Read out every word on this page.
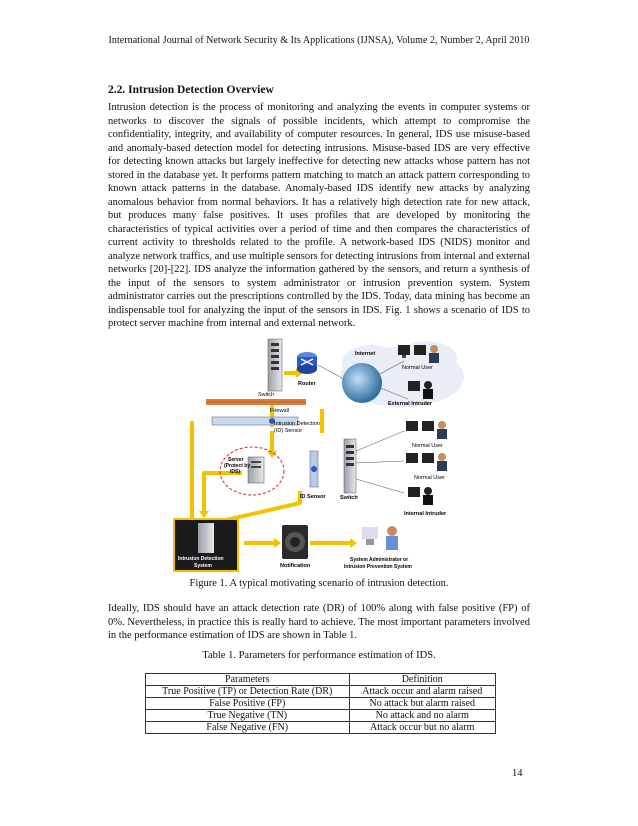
International Journal of Network Security & Its Applications (IJNSA), Volume 2, Number 2, April 2010
2.2. Intrusion Detection Overview
Intrusion detection is the process of monitoring and analyzing the events in computer systems or networks to discover the signals of possible incidents, which attempt to compromise the confidentiality, integrity, and availability of computer resources. In general, IDS use misuse-based and anomaly-based detection model for detecting intrusions. Misuse-based IDS are very effective for detecting known attacks but largely ineffective for detecting new attacks whose pattern has not stored in the database yet. It performs pattern matching to match an attack pattern corresponding to known attack patterns in the database. Anomaly-based IDS identify new attacks by analyzing anomalous behavior from normal behaviors. It has a relatively high detection rate for new attack, but produces many false positives. It uses profiles that are developed by monitoring the characteristics of typical activities over a period of time and then compares the characteristics of current activity to thresholds related to the profile. A network-based IDS (NIDS) monitor and analyze network traffics, and use multiple sensors for detecting intrusions from internal and external networks [20]-[22]. IDS analyze the information gathered by the sensors, and return a synthesis of the input of the sensors to system administrator or intrusion prevention system. System administrator carries out the prescriptions controlled by the IDS. Today, data mining has become an indispensable tool for analyzing the input of the sensors in IDS. Fig. 1 shows a scenario of IDS to protect server machine from internal and external network.
Switch
Router
Internet
Normal User
External Intruder
Firewall
Intrusion Detection
(ID) Sensor
Server
(Protect by
IDS)
ID Sensor	Switch
Normal User
Normal User
Internal Intruder
Intrusion Detection
System	Notification
System Administrator or
Intrusion Prevention System
Figure 1. A typical motivating scenario of intrusion detection.
Ideally, IDS should have an attack detection rate (DR) of 100% along with false positive (FP) of 0%. Nevertheless, in practice this is really hard to achieve. The most important parameters involved in the performance estimation of IDS are shown in Table 1.
Table 1. Parameters for performance estimation of IDS.
Parameters	Definition
True Positive (TP) or Detection Rate (DR)	Attack occur and alarm raised
False Positive (FP)	No attack but alarm raised
True Negative (TN)	No attack and no alarm
False Negative (FN)	Attack occur but no alarm
14
